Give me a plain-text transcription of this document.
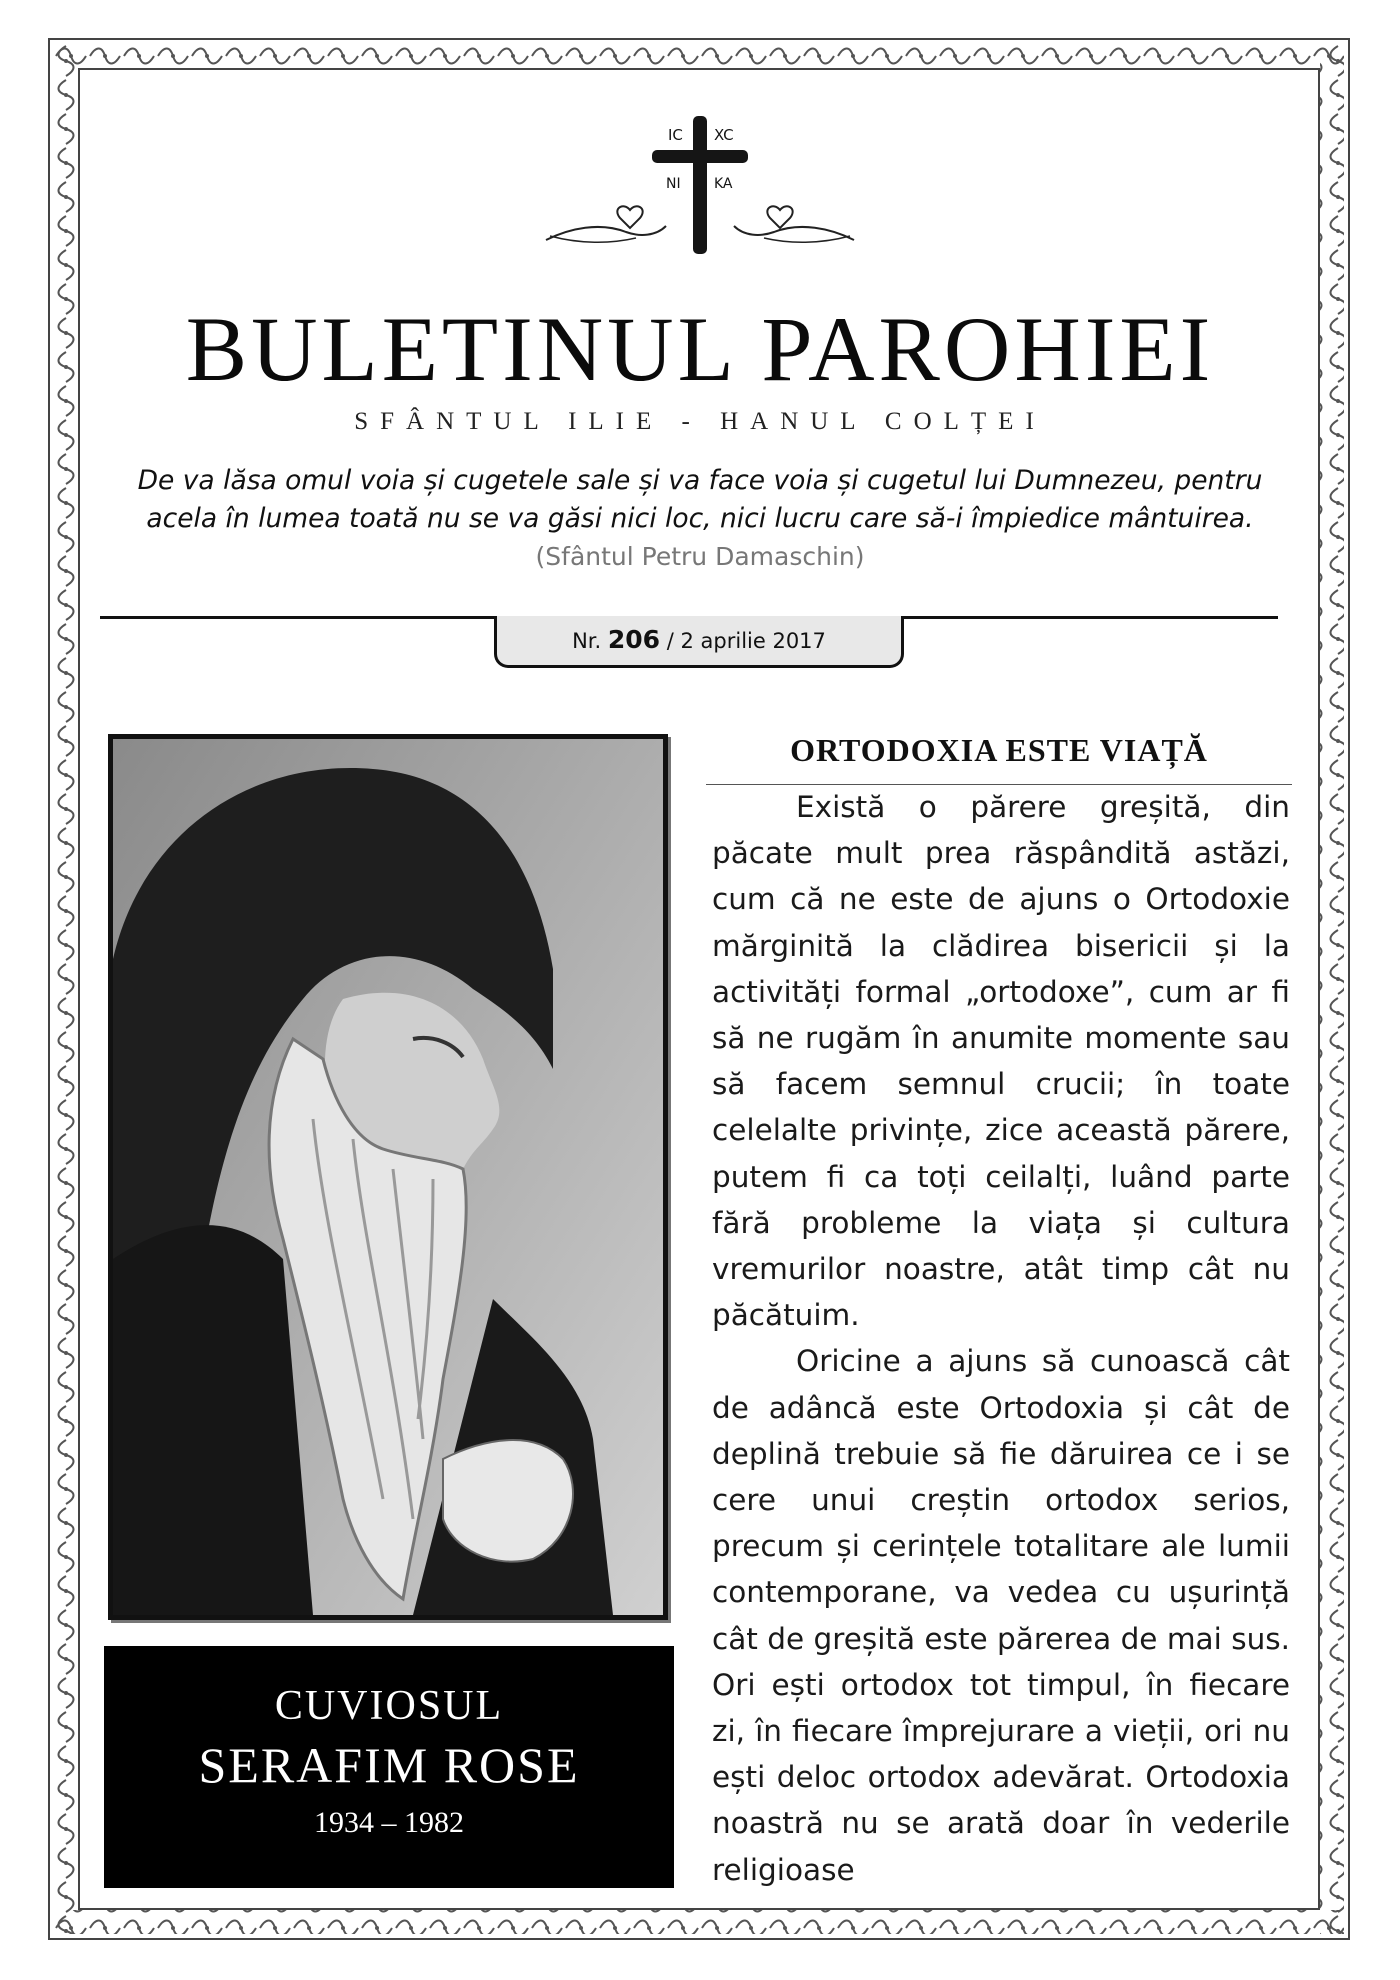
IC XC
NI KA
BULETINUL PAROHIEI
SFÂNTUL ILIE - HANUL COLȚEI
De va lăsa omul voia și cugetele sale și va face voia și cugetul lui Dumnezeu, pentru acela în lumea toată nu se va găsi nici loc, nici lucru care să-i împiedice mântuirea.
(Sfântul Petru Damaschin)
Nr. 206 / 2 aprilie 2017
CUVIOSUL
SERAFIM ROSE
1934 – 1982
ORTODOXIA ESTE VIAȚĂ

Există o părere greșită, din păcate mult prea răspândită astăzi, cum că ne este de ajuns o Ortodoxie mărginită la clădirea bisericii și la activități formal „ortodoxe”, cum ar fi să ne rugăm în anumite momente sau să facem semnul crucii; în toate celelalte privințe, zice această părere, putem fi ca toți ceilalți, luând parte fără probleme la viața și cultura vremurilor noastre, atât timp cât nu păcătuim.

Oricine a ajuns să cunoască cât de adâncă este Ortodoxia și cât de deplină trebuie să fie dăruirea ce i se cere unui creștin ortodox serios, precum și cerințele totalitare ale lumii contemporane, va vedea cu ușurință cât de greșită este părerea de mai sus. Ori ești ortodox tot timpul, în fiecare zi, în fiecare împrejurare a vieții, ori nu ești deloc ortodox adevărat. Ortodoxia noastră nu se arată doar în vederile religioase
